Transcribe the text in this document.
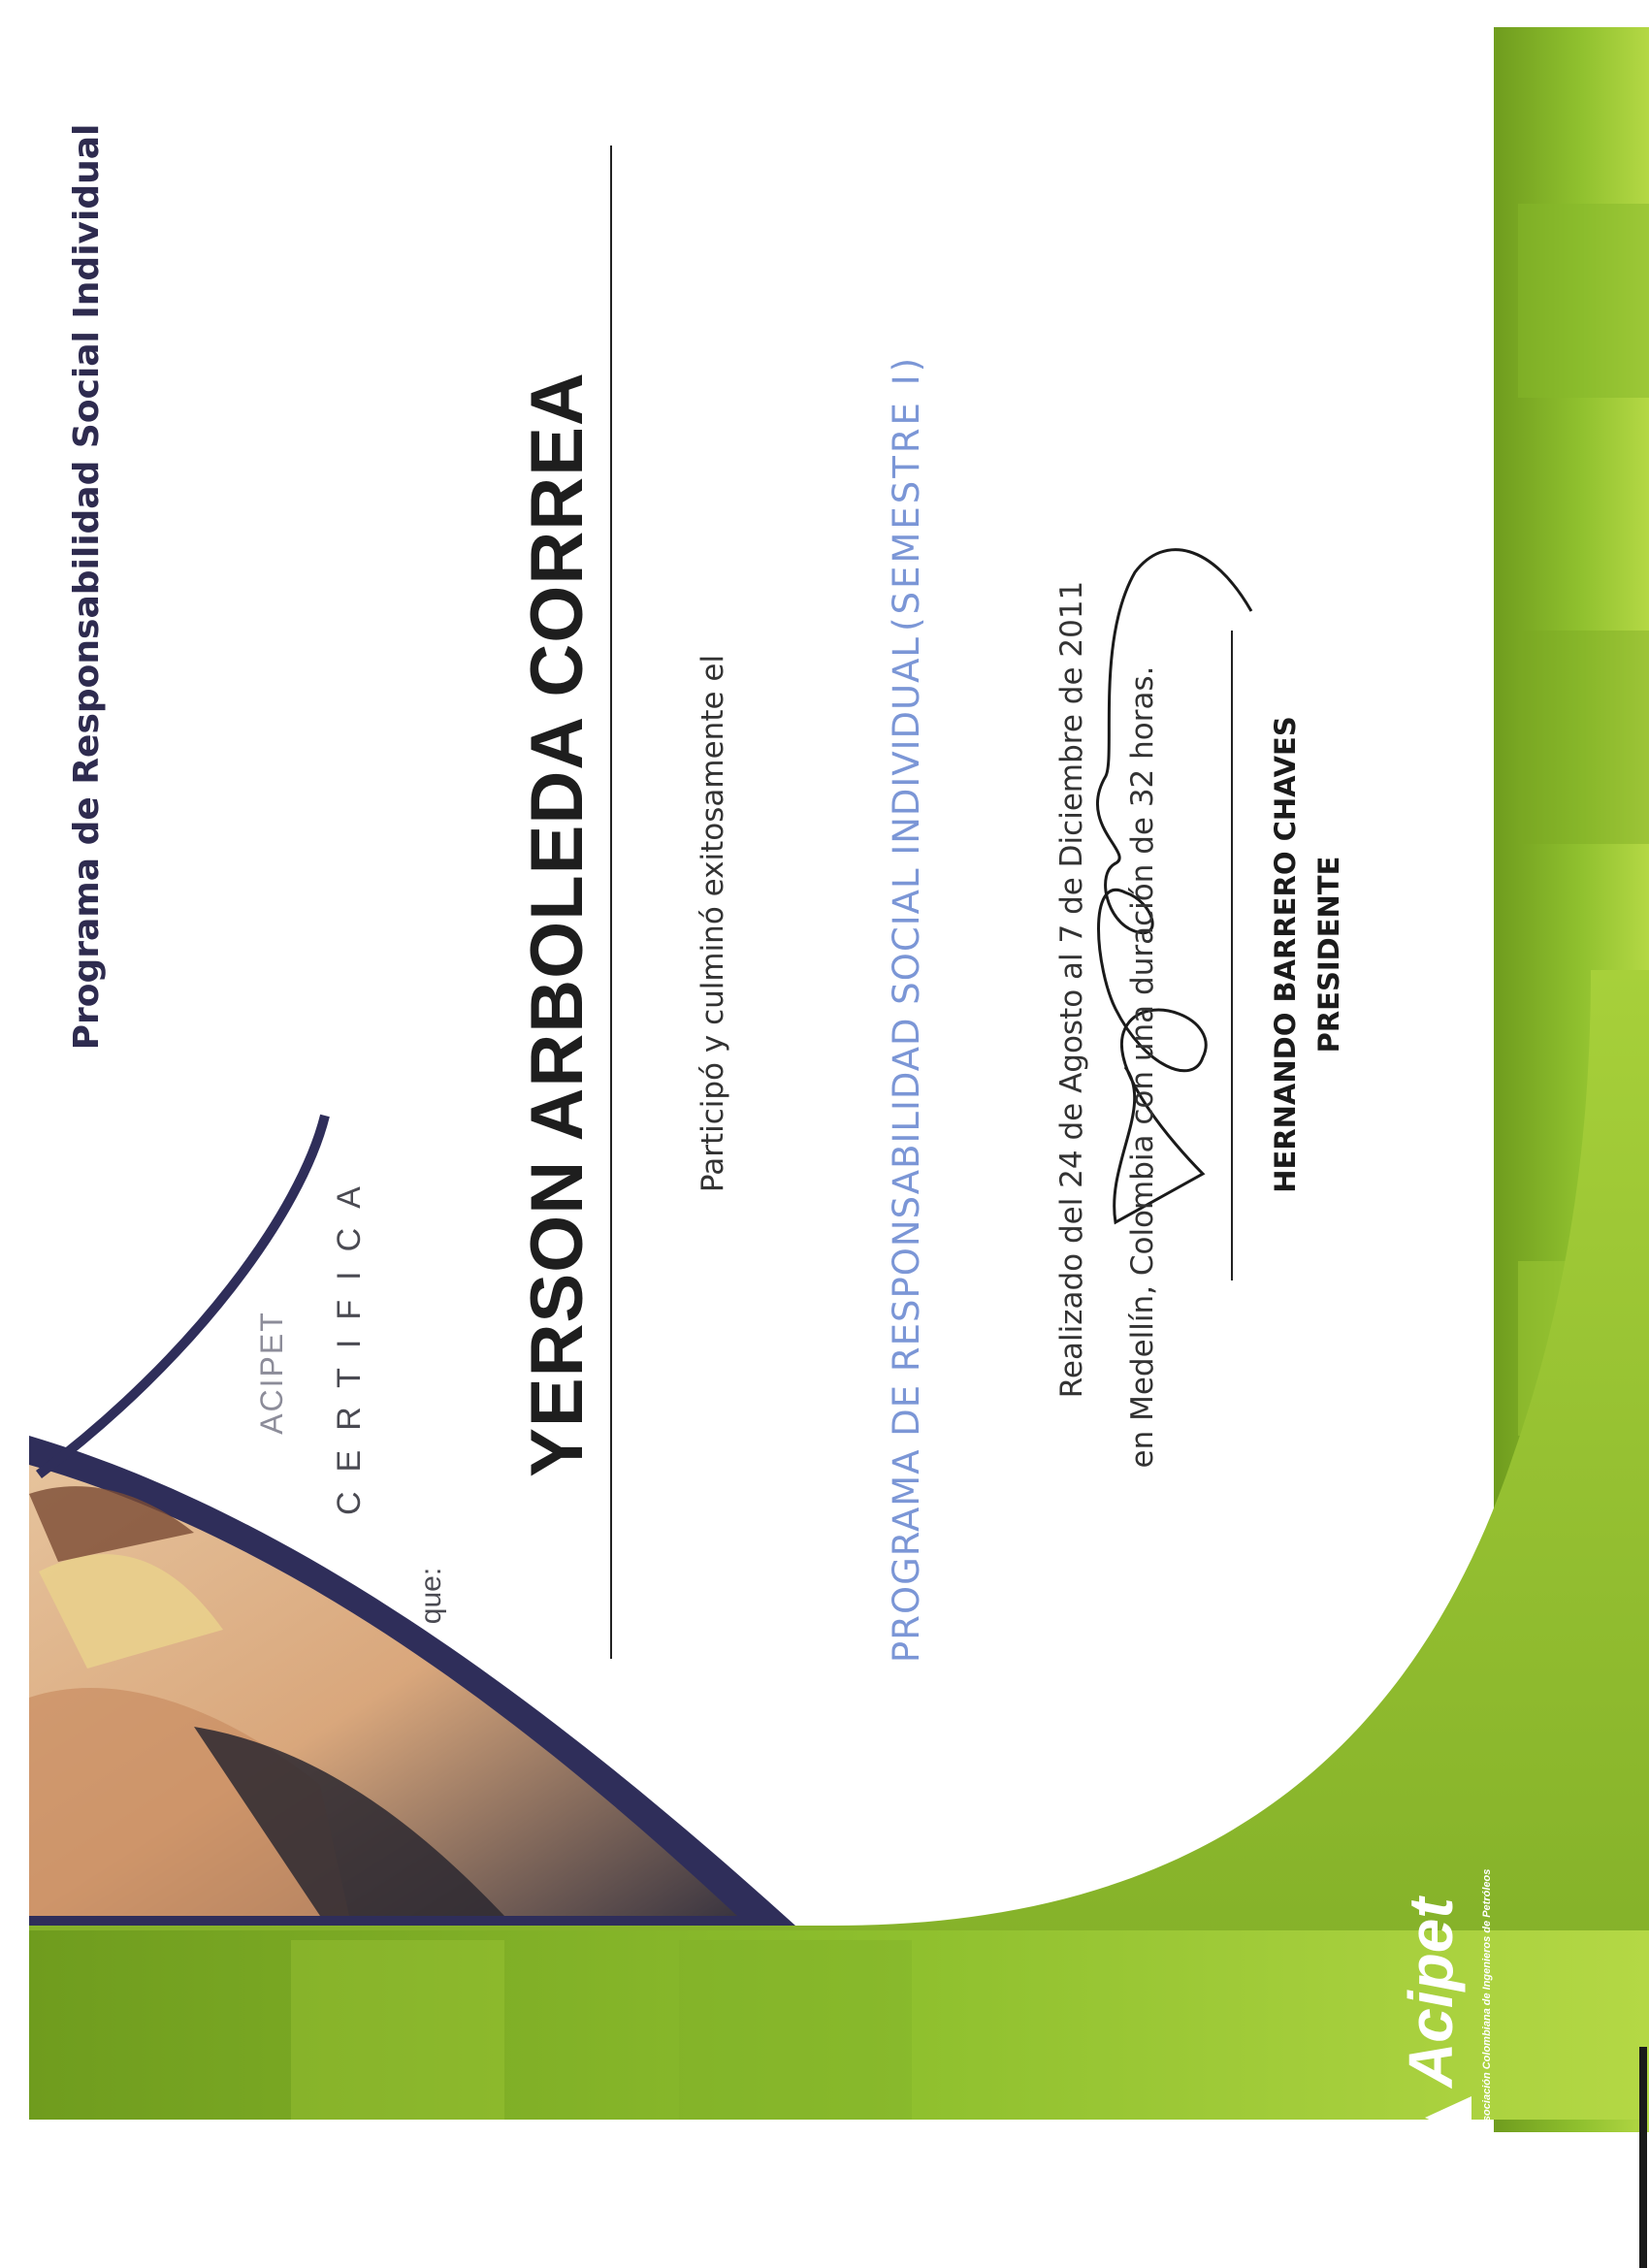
Programa de Responsabilidad Social Individual
ACIPET CERTIFICA
que:
YERSON ARBOLEDA CORREA	Participó y culminó exitosamente el	PROGRAMA DE RESPONSABILIDAD SOCIAL INDIVIDUAL (SEMESTRE I)
Realizado del 24 de Agosto al 7 de Diciembre de 2011 en Medellín, Colombia con una duración de 32 horas.	HERNANDO BARRERO CHAVES PRESIDENTE
Acipet	Asociación Colombiana de Ingenieros de Petróleos
